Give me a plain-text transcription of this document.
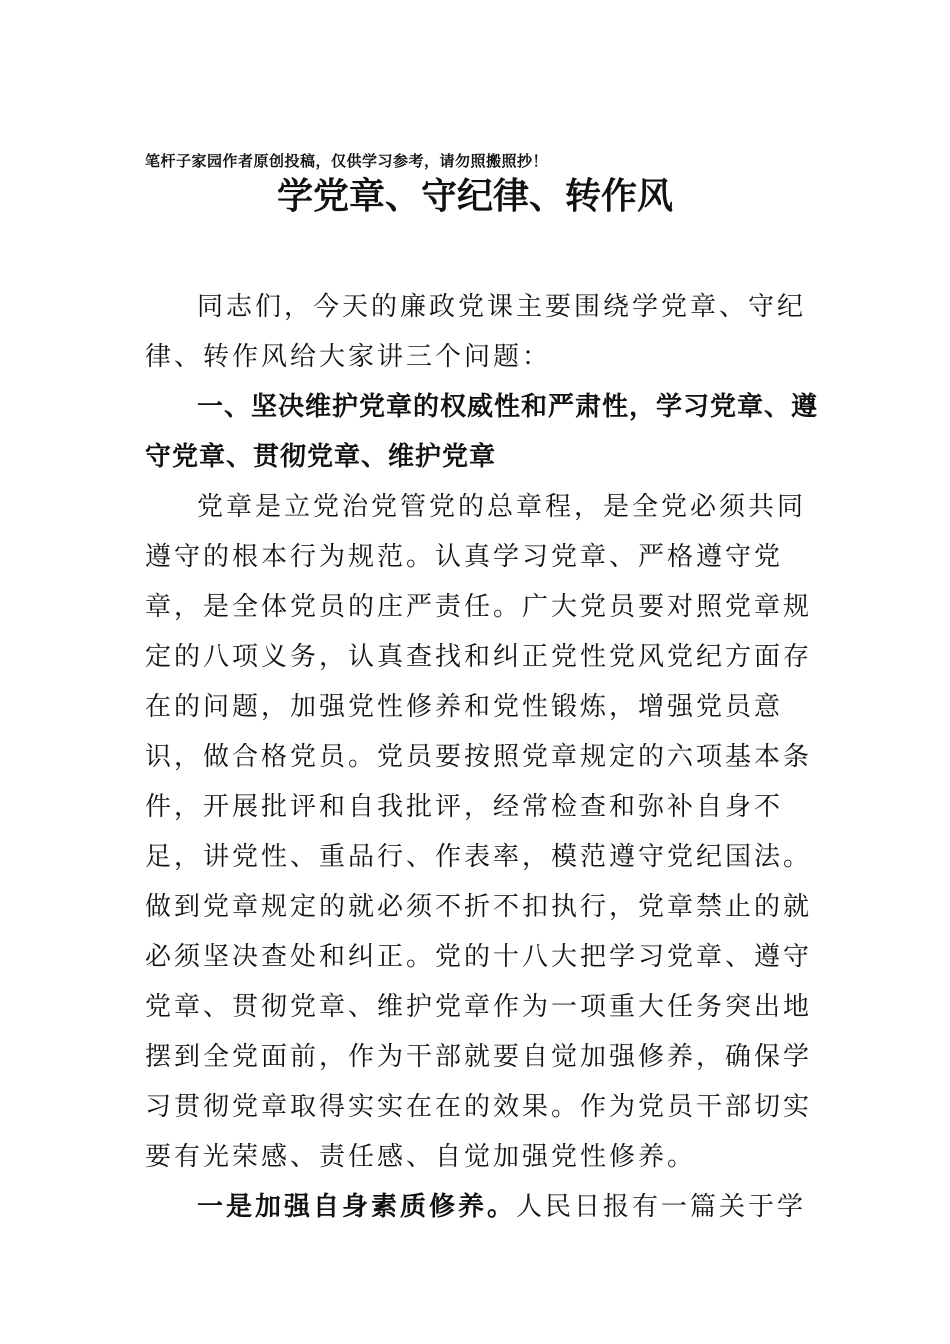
笔杆子家园作者原创投稿，仅供学习参考，请勿照搬照抄！
学党章、守纪律、转作风

同志们，今天的廉政党课主要围绕学党章、守纪律、转作风给大家讲三个问题：

一、坚决维护党章的权威性和严肃性，学习党章、遵守党章、贯彻党章、维护党章

党章是立党治党管党的总章程，是全党必须共同遵守的根本行为规范。认真学习党章、严格遵守党章，是全体党员的庄严责任。广大党员要对照党章规定的八项义务，认真查找和纠正党性党风党纪方面存在的问题，加强党性修养和党性锻炼，增强党员意识，做合格党员。党员要按照党章规定的六项基本条件，开展批评和自我批评，经常检查和弥补自身不足，讲党性、重品行、作表率，模范遵守党纪国法。做到党章规定的就必须不折不扣执行，党章禁止的就必须坚决查处和纠正。党的十八大把学习党章、遵守党章、贯彻党章、维护党章作为一项重大任务突出地摆到全党面前，作为干部就要自觉加强修养，确保学习贯彻党章取得实实在在的效果。作为党员干部切实要有光荣感、责任感、自觉加强党性修养。

一是加强自身素质修养。人民日报有一篇关于学
